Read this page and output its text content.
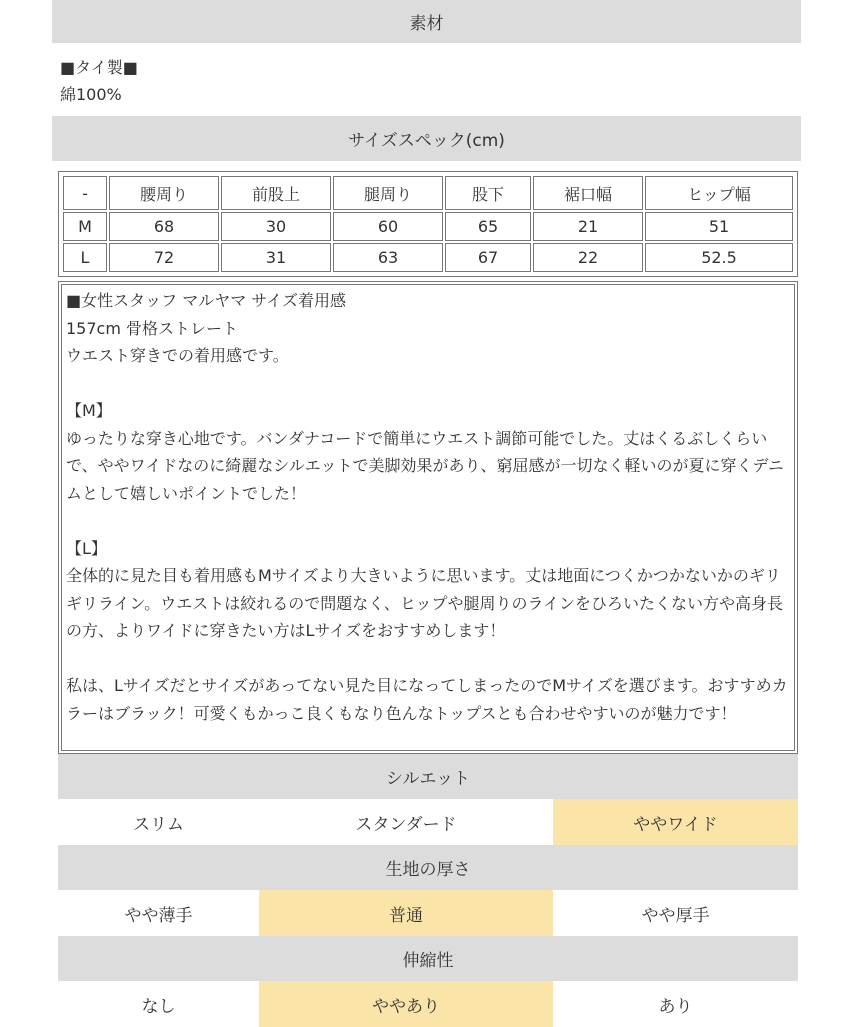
素材
■タイ製■
綿100%
サイズスペック(cm)
-	腰周り	前股上	腿周り	股下	裾口幅	ヒップ幅
M	68	30	60	65	21	51
L	72	31	63	67	22	52.5

■女性スタッフ マルヤマ サイズ着用感

157cm 骨格ストレート

ウエスト穿きでの着用感です。

【M】

ゆったりな穿き心地です。バンダナコードで簡単にウエスト調節可能でした。丈はくるぶしくらいで、ややワイドなのに綺麗なシルエットで美脚効果があり、窮屈感が一切なく軽いのが夏に穿くデニムとして嬉しいポイントでした！

【L】

全体的に見た目も着用感もMサイズより大きいように思います。丈は地面につくかつかないかのギリギリライン。ウエストは絞れるので問題なく、ヒップや腿周りのラインをひろいたくない方や高身長の方、よりワイドに穿きたい方はLサイズをおすすめします！

私は、Lサイズだとサイズがあってない見た目になってしまったのでMサイズを選びます。おすすめカラーはブラック！可愛くもかっこ良くもなり色んなトップスとも合わせやすいのが魅力です！

シルエット
スリム	スタンダード	ややワイド
生地の厚さ
やや薄手	普通	やや厚手
伸縮性
なし	ややあり	あり
